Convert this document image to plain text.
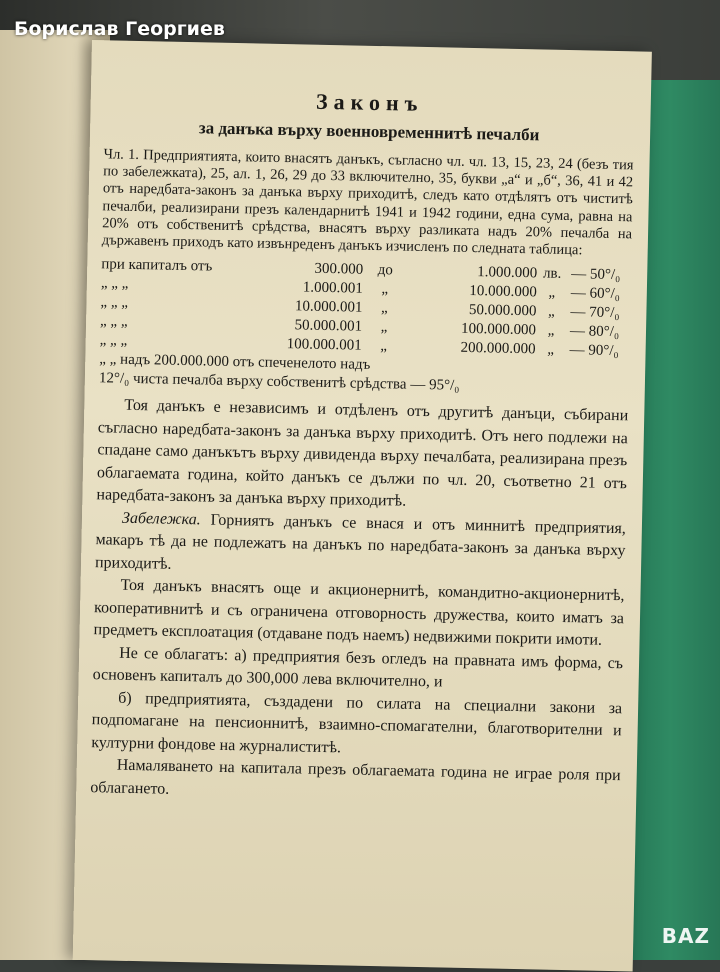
Законъ
за данъка върху военновременнитѣ печалби

Чл. 1. Предприятията, които внасятъ данъкъ, съгласно чл. чл. 13, 15, 23, 24 (безъ тия по забележката), 25, ал. 1, 26, 29 до 33 включително, 35, букви „а“ и „б“, 36, 41 и 42 отъ наредбата-законъ за данъка върху приходитѣ, следъ като отдѣлятъ отъ чиститѣ печалби, реализирани презъ календарнитѣ 1941 и 1942 години, една сума, равна на 20% отъ собственитѣ срѣдства, внасятъ върху разликата надъ 20% печалба на държавенъ приходъ като извънреденъ данъкъ изчисленъ по следната таблица:

при капиталъ отъ	300.000 до	1.000.000 лв. — 50°/₀
„ „ „	1.000.001	„	10.000.000 „	— 60°/₀
„ „ „	10.000.001	„	50.000.000 „	— 70°/₀
„ „ „	50.000.001	„	100.000.000 „	— 80°/₀
„ „ „	100.000.001	„	200.000.000 „	— 90°/₀
„ „ надъ 200.000.000 отъ спеченелото надъ
12°/₀ чиста печалба върху собственитѣ срѣдства — 95°/₀

Тоя данъкъ е независимъ и отдѣленъ отъ другитѣ данъци, събирани съгласно наредбата-законъ за данъка върху приходитѣ. Отъ него подлежи на спадане само данъкътъ върху дивиденда върху печалбата, реализирана презъ облагаемата година, който данъкъ се дължи по чл. 20, съответно 21 отъ наредбата-законъ за данъка върху приходитѣ.

Забележка. Горниятъ данъкъ се внася и отъ миннитѣ предприятия, макаръ тѣ да не подлежатъ на данъкъ по наредбата-законъ за данъка върху приходитѣ.

Тоя данъкъ внасятъ още и акционернитѣ, командитно-акционернитѣ, кооперативнитѣ и съ ограничена отговорность дружества, които иматъ за предметъ експлоатация (отдаване подъ наемъ) недвижими покрити имоти.

Не се облагатъ: а) предприятия безъ огледъ на правната имъ форма, съ основенъ капиталъ до 300,000 лева включително, и

б) предприятията, създадени по силата на специални закони за подпомагане на пенсионнитѣ, взаимно-спомагателни, благотворителни и културни фондове на журналиститѣ.

Намаляването на капитала презъ облагаемата година не играе роля при облагането.

Борислав Георгиев
BAZ
